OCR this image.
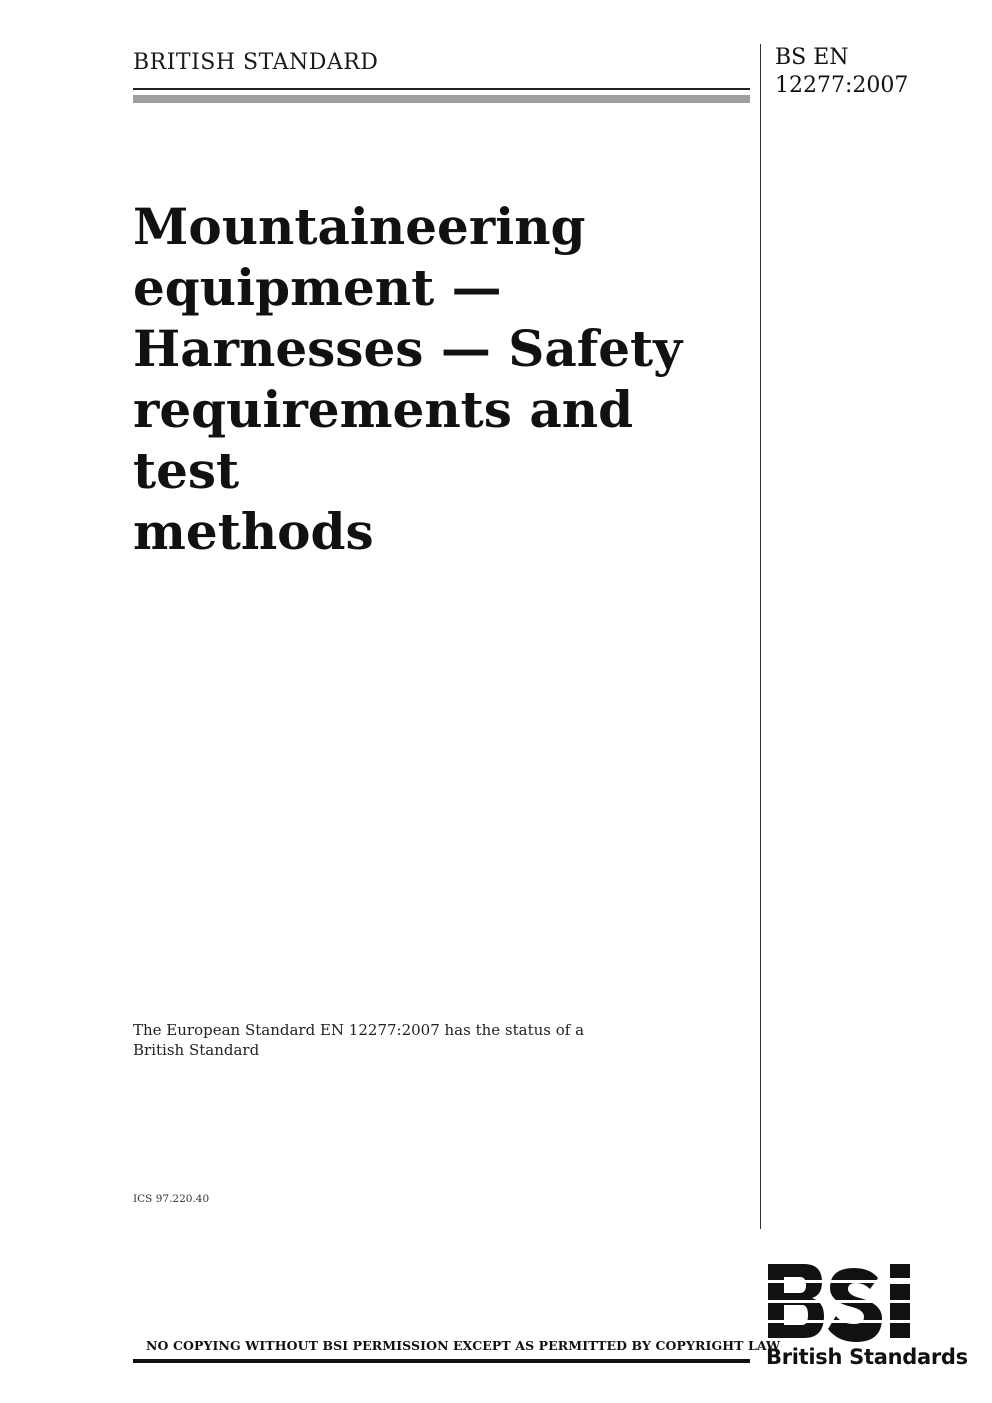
BRITISH STANDARD	BS EN
12277:2007
Mountaineering
equipment —
Harnesses — Safety
requirements and test
methods
The European Standard EN 12277:2007 has the status of a
British Standard
ICS 97.220.40
NO COPYING WITHOUT BSI PERMISSION EXCEPT AS PERMITTED BY COPYRIGHT LAW
British Standards
